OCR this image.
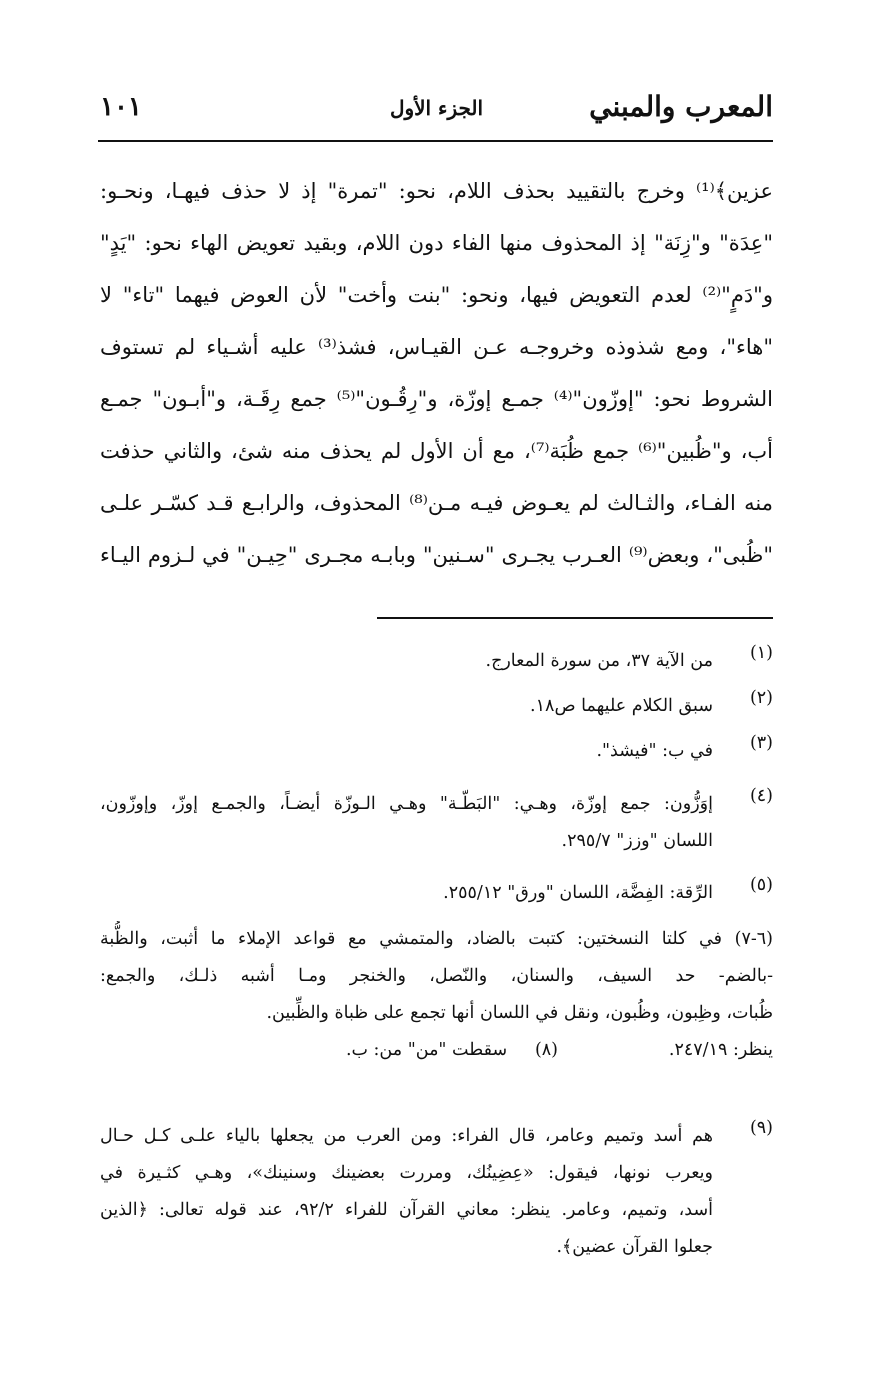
المعرب والمبني
الجزء الأول
١٠١
عزين﴾⁽¹⁾ وخرج بالتقييد بحذف اللام، نحو: "تمرة" إذ لا حذف فيهـا، ونحـو:
"عِدَة" و"زِنَة" إذ المحذوف منها الفاء دون اللام، وبقيد تعويض الهاء نحو: "يَدٍ"
و"دَمٍ"⁽²⁾ لعدم التعويض فيها، ونحو: "بنت وأخت" لأن العوض فيهما "تاء" لا
"هاء"، ومع شذوذه وخروجـه عـن القيـاس، فشذ⁽³⁾ عليه أشـياء لم تستوف
الشروط نحو: "إوزّون"⁽⁴⁾ جمـع إوزّة، و"رِقُـون"⁽⁵⁾ جمع رِقَـة، و"أبـون" جمـع
أب، و"ظُبين"⁽⁶⁾ جمع ظُبَة⁽⁷⁾، مع أن الأول لم يحذف منه شئ، والثاني حذفت
منه الفـاء، والثـالث لم يعـوض فيـه مـن⁽⁸⁾ المحذوف، والرابـع قـد كسّـر علـى
"ظُبى"، وبعض⁽⁹⁾ العـرب يجـرى "سـنين" وبابـه مجـرى "حِيـن" في لـزوم اليـاء
(١)
من الآية ٣٧، من سورة المعارج.
(٢)
سبق الكلام عليهما ص١٨.
(٣)
في ب: "فيشذ".
(٤)
إوَزُّون: جمع إوزّة، وهـي: "البَطّـة" وهـي الـوزّة أيضـاً، والجمـع إوزّ، وإوزّون،
اللسان "وزز" ٢٩٥/٧.
(٥)
الرِّقة: الفِضَّة، اللسان "ورق" ٢٥٥/١٢.
(٦-٧) في كلتا النسختين: كتبت بالضاد، والمتمشي مع قواعد الإملاء ما أثبت، والظُّبة
-بالضم- حد السيف، والسنان، والنّصل، والخنجر ومـا أشبه ذلـك، والجمع:
ظُبات، وظِبون، وظُبون، ونقل في اللسان أنها تجمع على ظباة والظِّبين.
ينظر: ٢٤٧/١٩.
(٨)     سقطت "من" من: ب.
(٩)
هم أسد وتميم وعامر، قال الفراء: ومن العرب من يجعلها بالياء علـى كـل حـال
ويعرب نونها، فيقول: «عِضِينُك، ومررت بعضينك وسنينك»، وهـي كثـيرة في
أسد، وتميم، وعامر. ينظر: معاني القرآن للفراء ٩٢/٢، عند قوله تعالى: ﴿الذين
جعلوا القرآن عضين﴾.
